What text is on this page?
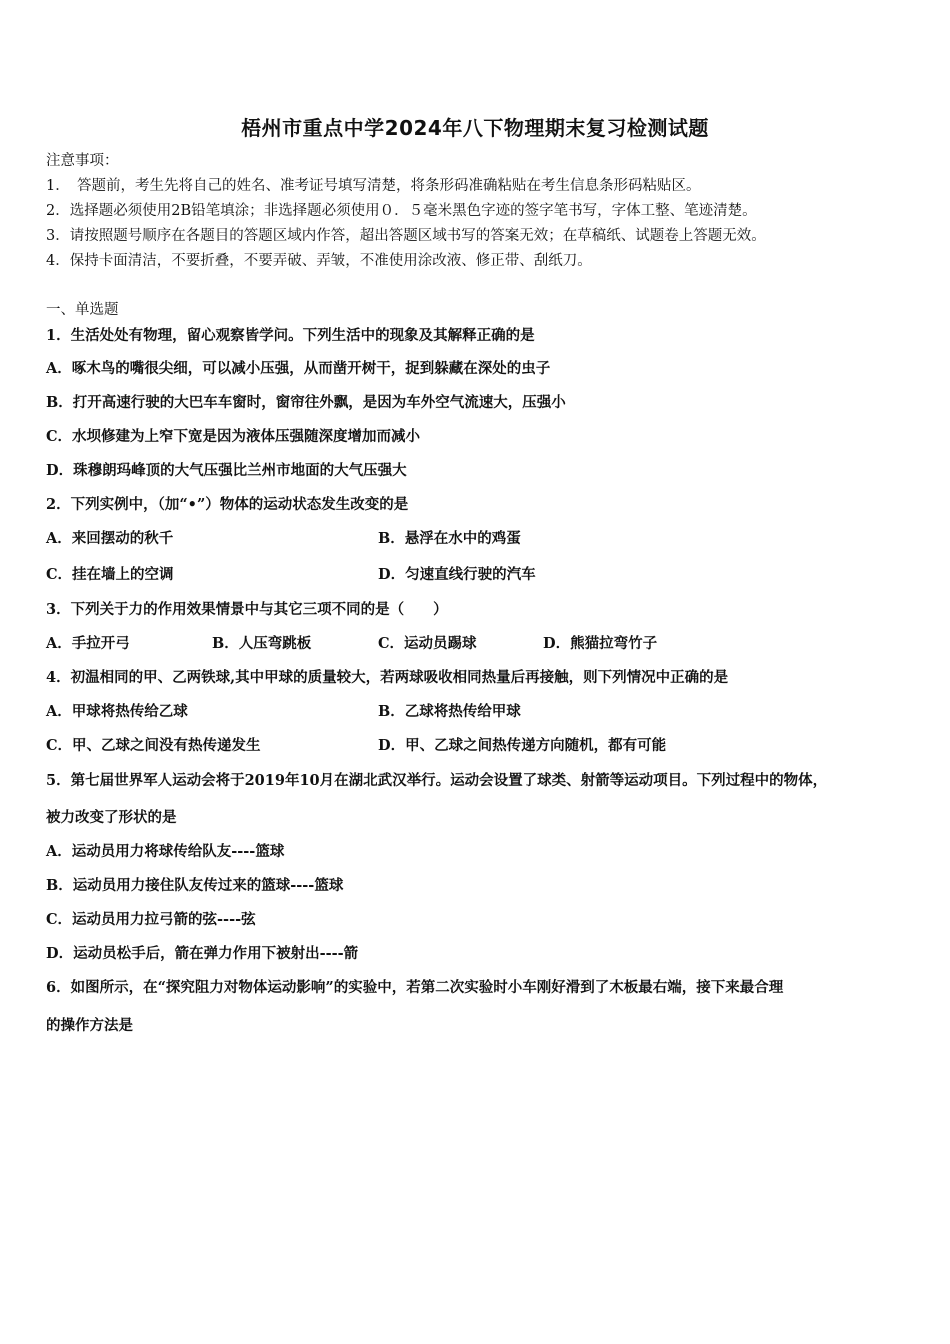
梧州市重点中学2024年八下物理期末复习检测试题
注意事项：
1．　答题前，考生先将自己的姓名、准考证号填写清楚，将条形码准确粘贴在考生信息条形码粘贴区。
2．选择题必须使用2B铅笔填涂；非选择题必须使用０．５毫米黑色字迹的签字笔书写，字体工整、笔迹清楚。
3．请按照题号顺序在各题目的答题区域内作答，超出答题区域书写的答案无效；在草稿纸、试题卷上答题无效。
4．保持卡面清洁，不要折叠，不要弄破、弄皱，不准使用涂改液、修正带、刮纸刀。
一、单选题
1．生活处处有物理，留心观察皆学问。下列生活中的现象及其解释正确的是
A．啄木鸟的嘴很尖细，可以减小压强，从而凿开树干，捉到躲藏在深处的虫子
B．打开高速行驶的大巴车车窗时，窗帘往外飘，是因为车外空气流速大，压强小
C．水坝修建为上窄下宽是因为液体压强随深度增加而减小
D．珠穆朗玛峰顶的大气压强比兰州市地面的大气压强大
2．下列实例中，（加“•”）物体的运动状态发生改变的是
A．来回摆动的秋千	B．悬浮在水中的鸡蛋
C．挂在墙上的空调	D．匀速直线行驶的汽车
3．下列关于力的作用效果情景中与其它三项不同的是（　　）
A．手拉开弓	B．人压弯跳板	C．运动员踢球	D．熊猫拉弯竹子
4．初温相同的甲、乙两铁球,其中甲球的质量较大，若两球吸收相同热量后再接触，则下列情况中正确的是
A．甲球将热传给乙球	B．乙球将热传给甲球
C．甲、乙球之间没有热传递发生	D．甲、乙球之间热传递方向随机，都有可能
5．第七届世界军人运动会将于2019年10月在湖北武汉举行。运动会设置了球类、射箭等运动项目。下列过程中的物体，
被力改变了形状的是
A．运动员用力将球传给队友----篮球
B．运动员用力接住队友传过来的篮球----篮球
C．运动员用力拉弓箭的弦----弦
D．运动员松手后，箭在弹力作用下被射出----箭
6．如图所示，在“探究阻力对物体运动影响”的实验中，若第二次实验时小车刚好滑到了木板最右端，接下来最合理
的操作方法是
